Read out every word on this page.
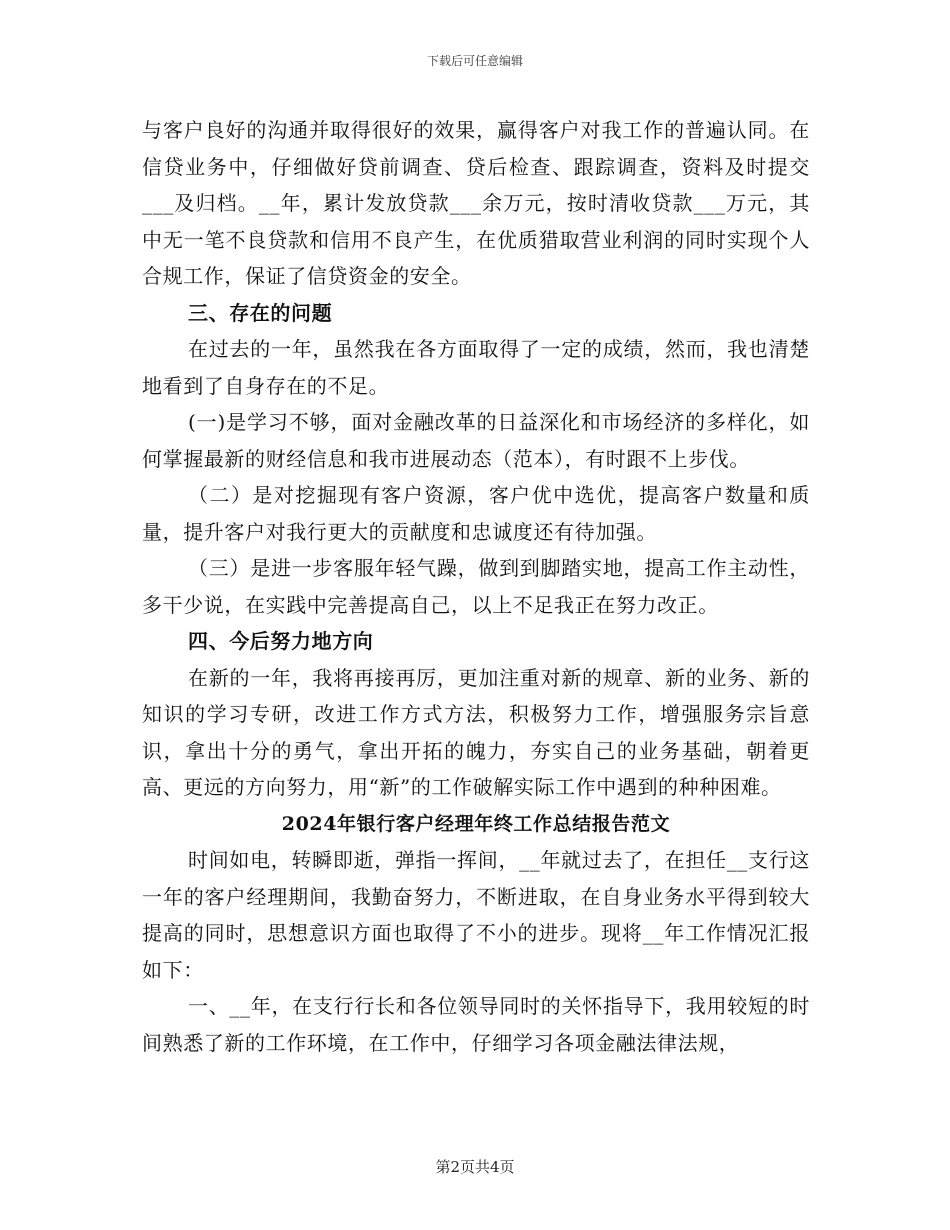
下载后可任意编辑

与客户良好的沟通并取得很好的效果，赢得客户对我工作的普遍认同。在信贷业务中，仔细做好贷前调查、贷后检查、跟踪调查，资料及时提交___及归档。__年，累计发放贷款___余万元，按时清收贷款___万元，其中无一笔不良贷款和信用不良产生，在优质猎取营业利润的同时实现个人合规工作，保证了信贷资金的安全。

三、存在的问题

在过去的一年，虽然我在各方面取得了一定的成绩，然而，我也清楚地看到了自身存在的不足。

(一)是学习不够，面对金融改革的日益深化和市场经济的多样化，如何掌握最新的财经信息和我市进展动态（范本），有时跟不上步伐。

（二）是对挖掘现有客户资源，客户优中选优，提高客户数量和质量，提升客户对我行更大的贡献度和忠诚度还有待加强。

（三）是进一步客服年轻气躁，做到到脚踏实地，提高工作主动性，多干少说，在实践中完善提高自己，以上不足我正在努力改正。

四、今后努力地方向

在新的一年，我将再接再厉，更加注重对新的规章、新的业务、新的知识的学习专研，改进工作方式方法，积极努力工作，增强服务宗旨意识，拿出十分的勇气，拿出开拓的魄力，夯实自己的业务基础，朝着更高、更远的方向努力，用“新”的工作破解实际工作中遇到的种种困难。

2024年银行客户经理年终工作总结报告范文

时间如电，转瞬即逝，弹指一挥间，__年就过去了，在担任__支行这一年的客户经理期间，我勤奋努力，不断进取，在自身业务水平得到较大提高的同时，思想意识方面也取得了不小的进步。现将__年工作情况汇报如下：

一、__年，在支行行长和各位领导同时的关怀指导下，我用较短的时间熟悉了新的工作环境，在工作中，仔细学习各项金融法律法规，

第2页共4页
